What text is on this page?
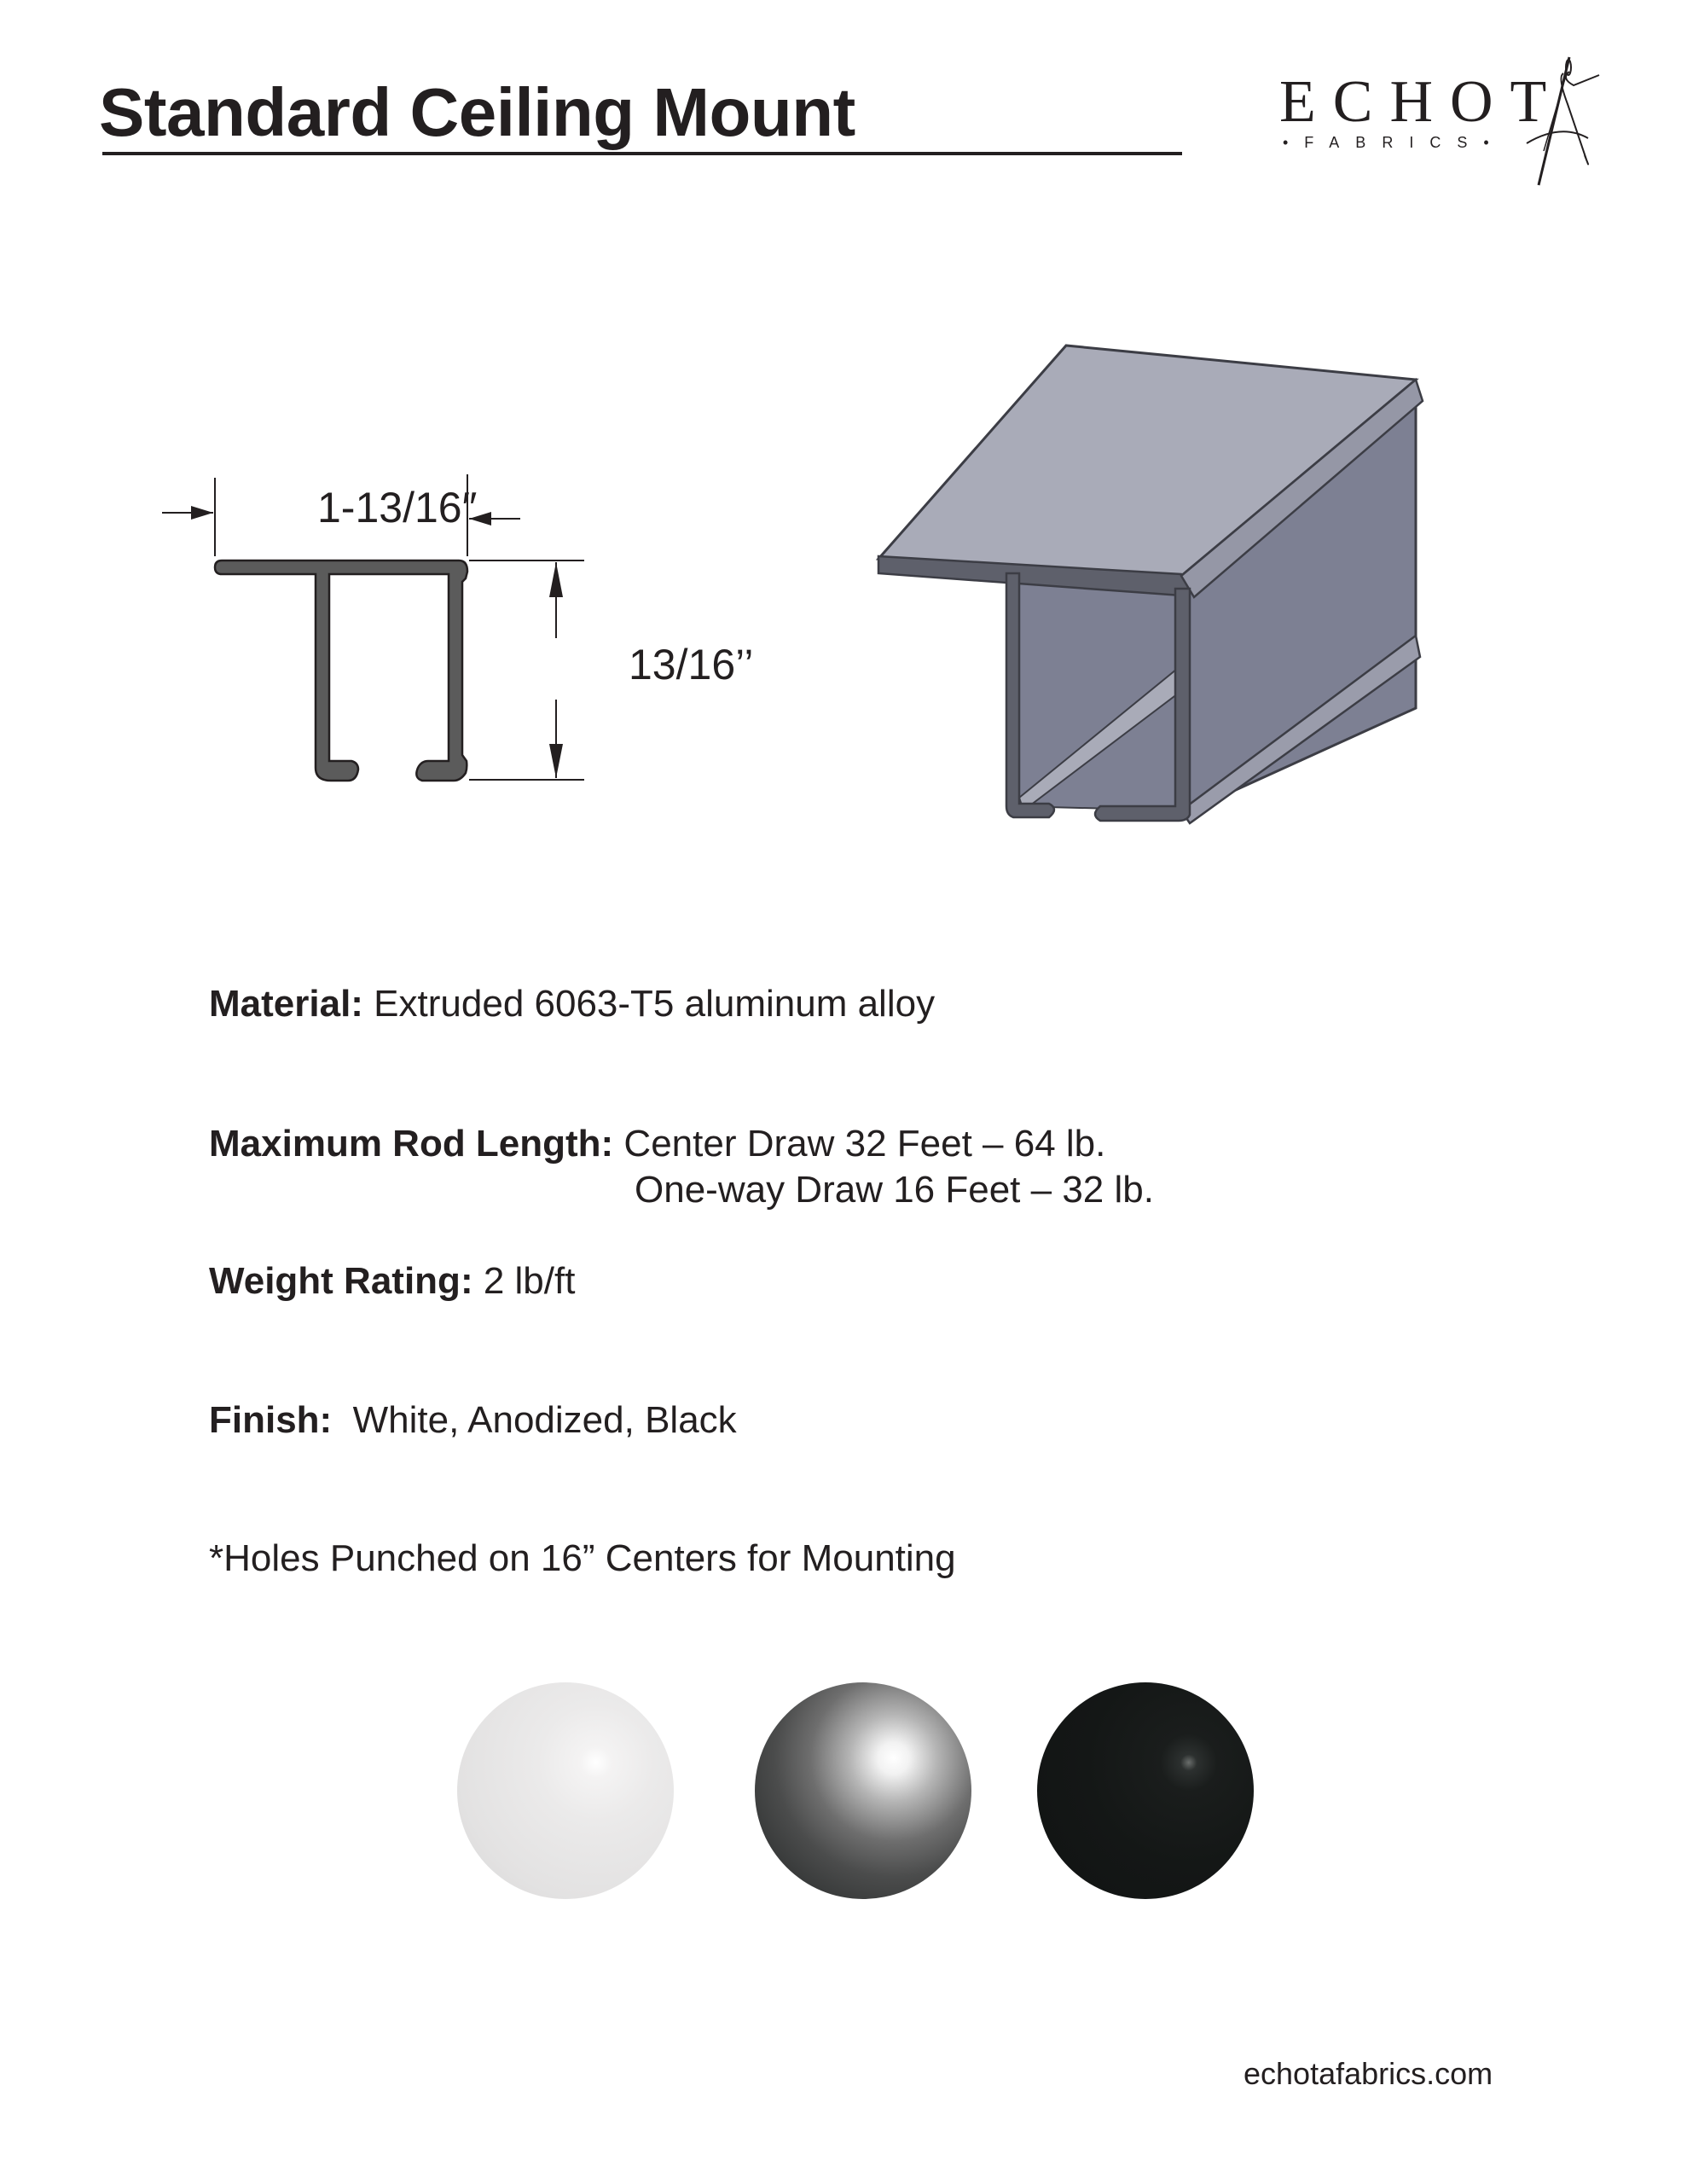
Standard Ceiling Mount	ECHOT
•FABRICS•
1-13/16″
13/16’’
Material: Extruded 6063-T5 aluminum alloy
Maximum Rod Length: Center Draw 32 Feet – 64 lb.
One-way Draw 16 Feet – 32 lb.
Weight Rating: 2 lb/ft
Finish:  White, Anodized, Black
*Holes Punched on 16” Centers for Mounting
echotafabrics.com
